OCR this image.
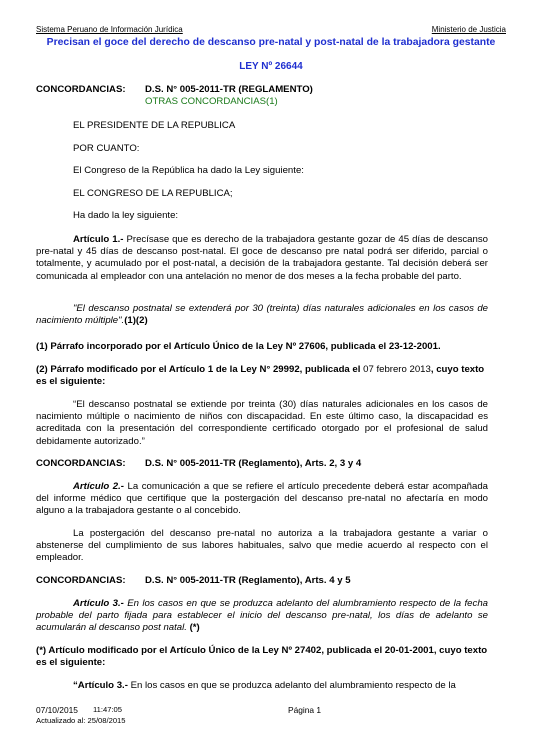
Sistema Peruano de Información Jurídica	Ministerio de Justicia
Precisan el goce del derecho de descanso pre-natal y post-natal de la trabajadora gestante
LEY Nº 26644
CONCORDANCIAS: D.S. N° 005-2011-TR (REGLAMENTO)
OTRAS CONCORDANCIAS(1)
EL PRESIDENTE DE LA REPUBLICA
POR CUANTO:
El Congreso de la República ha dado la Ley siguiente:
EL CONGRESO DE LA REPUBLICA;
Ha dado la ley siguiente:
Artículo 1.- Precísase que es derecho de la trabajadora gestante gozar de 45 días de descanso pre-natal y 45 días de descanso post-natal. El goce de descanso pre natal podrá ser diferido, parcial o totalmente, y acumulado por el post-natal, a decisión de la trabajadora gestante. Tal decisión deberá ser comunicada al empleador con una antelación no menor de dos meses a la fecha probable del parto.
"El descanso postnatal se extenderá por 30 (treinta) días naturales adicionales en los casos de nacimiento múltiple".(1)(2)
(1) Párrafo incorporado por el Artículo Único de la Ley Nº 27606, publicada el 23-12-2001.
(2) Párrafo modificado por el Artículo 1 de la Ley N° 29992, publicada el 07 febrero 2013, cuyo texto es el siguiente:
“El descanso postnatal se extiende por treinta (30) días naturales adicionales en los casos de nacimiento múltiple o nacimiento de niños con discapacidad. En este último caso, la discapacidad es acreditada con la presentación del correspondiente certificado otorgado por el profesional de salud debidamente autorizado.”
CONCORDANCIAS: D.S. N° 005-2011-TR (Reglamento), Arts. 2, 3 y 4
Artículo 2.- La comunicación a que se refiere el artículo precedente deberá estar acompañada del informe médico que certifique que la postergación del descanso pre-natal no afectaría en modo alguno a la trabajadora gestante o al concebido.
La postergación del descanso pre-natal no autoriza a la trabajadora gestante a variar o abstenerse del cumplimiento de sus labores habituales, salvo que medie acuerdo al respecto con el empleador.
CONCORDANCIAS: D.S. N° 005-2011-TR (Reglamento), Arts. 4 y 5
Artículo 3.- En los casos en que se produzca adelanto del alumbramiento respecto de la fecha probable del parto fijada para establecer el inicio del descanso pre-natal, los días de adelanto se acumularán al descanso post natal. (*)
(*) Artículo modificado por el Artículo Único de la Ley Nº 27402, publicada el 20-01-2001, cuyo texto es el siguiente:
“Artículo 3.- En los casos en que se produzca adelanto del alumbramiento respecto de la
07/10/2015 11:47:05	Página 1
Actualizado al: 25/08/2015
